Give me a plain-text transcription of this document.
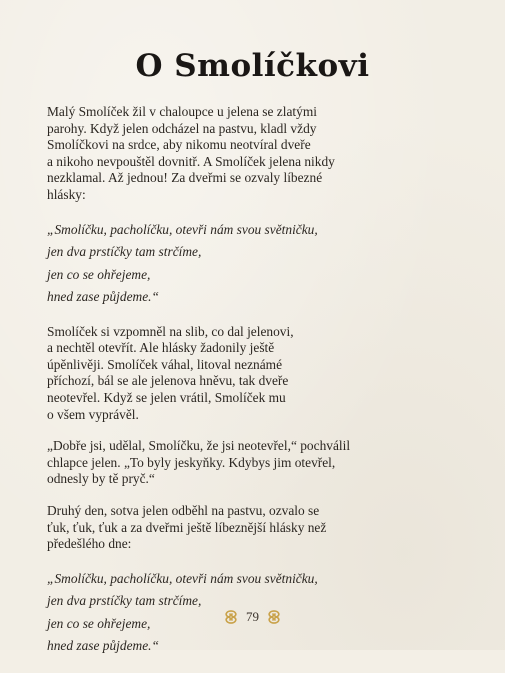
O Smolíčkovi

Malý Smolíček žil v chaloupce u jelena se zlatými
parohy. Když jelen odcházel na pastvu, kladl vždy
Smolíčkovi na srdce, aby nikomu neotvíral dveře
a nikoho nevpouštěl dovnitř. A Smolíček jelena nikdy
nezklamal. Až jednou! Za dveřmi se ozvaly líbezné
hlásky:

„Smolíčku, pacholíčku, otevři nám svou světničku,
jen dva prstíčky tam strčíme,
jen co se ohřejeme,
hned zase půjdeme.“

Smolíček si vzpomněl na slib, co dal jelenovi,
a nechtěl otevřít. Ale hlásky žadonily ještě
úpěnlivěji. Smolíček váhal, litoval neznámé
příchozí, bál se ale jelenova hněvu, tak dveře
neotevřel. Když se jelen vrátil, Smolíček mu
o všem vyprávěl.

„Dobře jsi, udělal, Smolíčku, že jsi neotevřel,“ pochválil
chlapce jelen. „To byly jeskyňky. Kdybys jim otevřel,
odnesly by tě pryč.“

Druhý den, sotva jelen odběhl na pastvu, ozvalo se
ťuk, ťuk, ťuk a za dveřmi ještě líbeznější hlásky než
předešlého dne:

„Smolíčku, pacholíčku, otevři nám svou světničku,
jen dva prstíčky tam strčíme,
jen co se ohřejeme,
hned zase půjdeme.“

79
